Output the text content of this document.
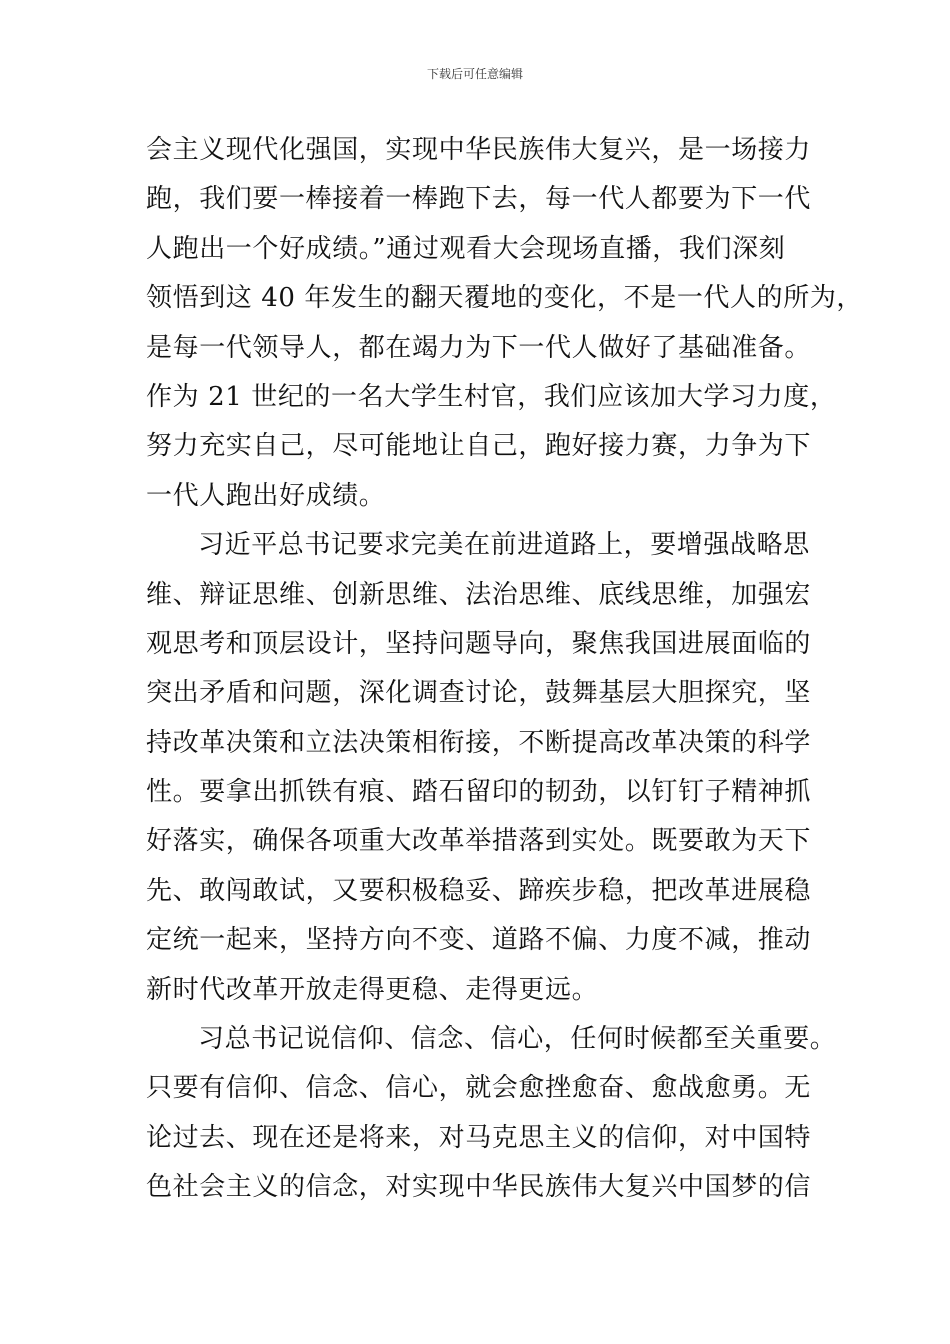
下载后可任意编辑
会主义现代化强国，实现中华民族伟大复兴，是一场接力
跑，我们要一棒接着一棒跑下去，每一代人都要为下一代
人跑出一个好成绩。”通过观看大会现场直播，我们深刻
领悟到这 40 年发生的翻天覆地的变化，不是一代人的所为，
是每一代领导人，都在竭力为下一代人做好了基础准备。
作为 21 世纪的一名大学生村官，我们应该加大学习力度，
努力充实自己，尽可能地让自己，跑好接力赛，力争为下
一代人跑出好成绩。
习近平总书记要求完美在前进道路上，要增强战略思
维、辩证思维、创新思维、法治思维、底线思维，加强宏
观思考和顶层设计，坚持问题导向，聚焦我国进展面临的
突出矛盾和问题，深化调查讨论，鼓舞基层大胆探究，坚
持改革决策和立法决策相衔接，不断提高改革决策的科学
性。要拿出抓铁有痕、踏石留印的韧劲，以钉钉子精神抓
好落实，确保各项重大改革举措落到实处。既要敢为天下
先、敢闯敢试，又要积极稳妥、蹄疾步稳，把改革进展稳
定统一起来，坚持方向不变、道路不偏、力度不减，推动
新时代改革开放走得更稳、走得更远。
习总书记说信仰、信念、信心，任何时候都至关重要。
只要有信仰、信念、信心，就会愈挫愈奋、愈战愈勇。无
论过去、现在还是将来，对马克思主义的信仰，对中国特
色社会主义的信念，对实现中华民族伟大复兴中国梦的信
